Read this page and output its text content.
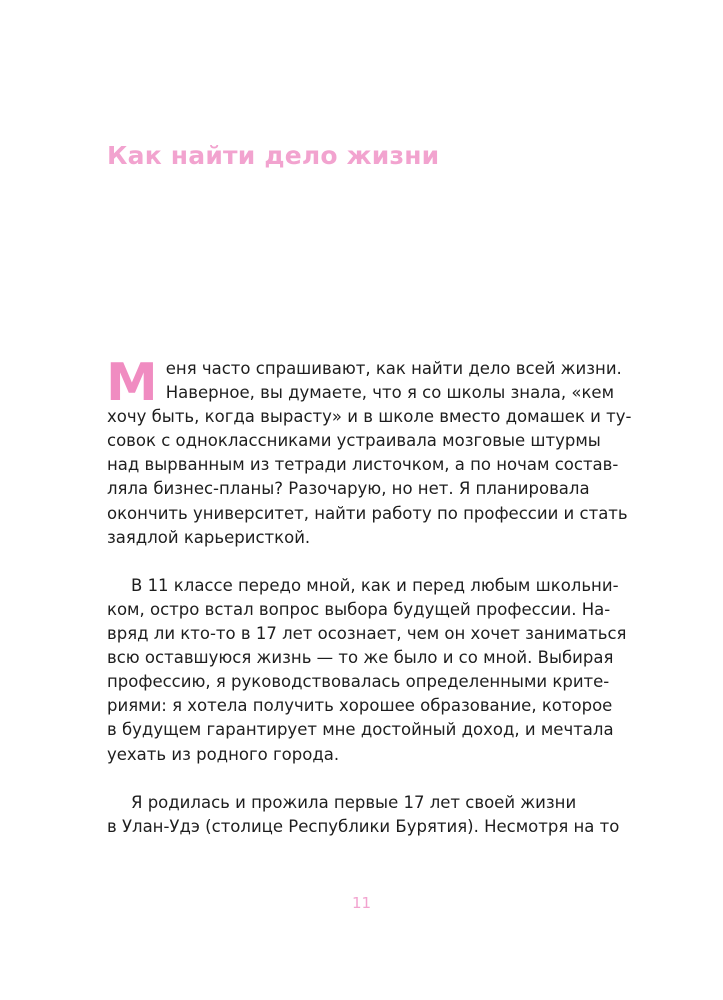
Как найти дело жизни
М еня часто спрашивают, как найти дело всей жизни.
Наверное, вы думаете, что я со школы знала, «кем
хочу быть, когда вырасту» и в школе вместо домашек и ту-
совок с одноклассниками устраивала мозговые штурмы
над вырванным из тетради листочком, а по ночам состав-
ляла бизнес-планы? Разочарую, но нет. Я планировала
окончить университет, найти работу по профессии и стать
заядлой карьеристкой.
В 11 классе передо мной, как и перед любым школьни-
ком, остро встал вопрос выбора будущей профессии. На-
вряд ли кто-то в 17 лет осознает, чем он хочет заниматься
всю оставшуюся жизнь — то же было и со мной. Выбирая
профессию, я руководствовалась определенными крите-
риями: я хотела получить хорошее образование, которое
в будущем гарантирует мне достойный доход, и мечтала
уехать из родного города.
Я родилась и прожила первые 17 лет своей жизни
в Улан-Удэ (столице Республики Бурятия). Несмотря на то
11
